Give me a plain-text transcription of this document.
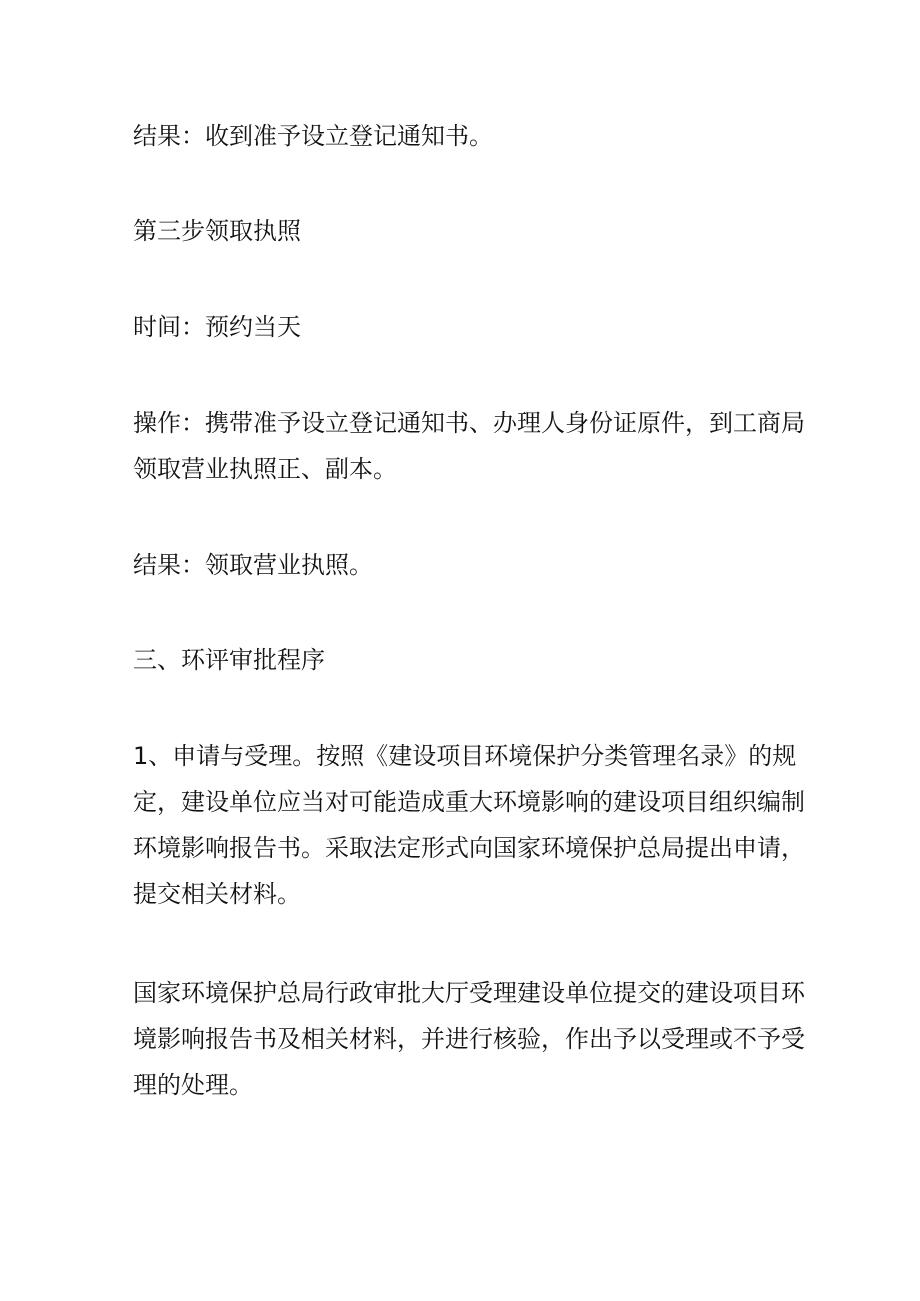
结果：收到准予设立登记通知书。

第三步领取执照

时间：预约当天

操作：携带准予设立登记通知书、办理人身份证原件，到工商局
领取营业执照正、副本。

结果：领取营业执照。

三、环评审批程序

1、申请与受理。按照《建设项目环境保护分类管理名录》的规
定，建设单位应当对可能造成重大环境影响的建设项目组织编制
环境影响报告书。采取法定形式向国家环境保护总局提出申请，
提交相关材料。

国家环境保护总局行政审批大厅受理建设单位提交的建设项目环
境影响报告书及相关材料，并进行核验，作出予以受理或不予受
理的处理。
